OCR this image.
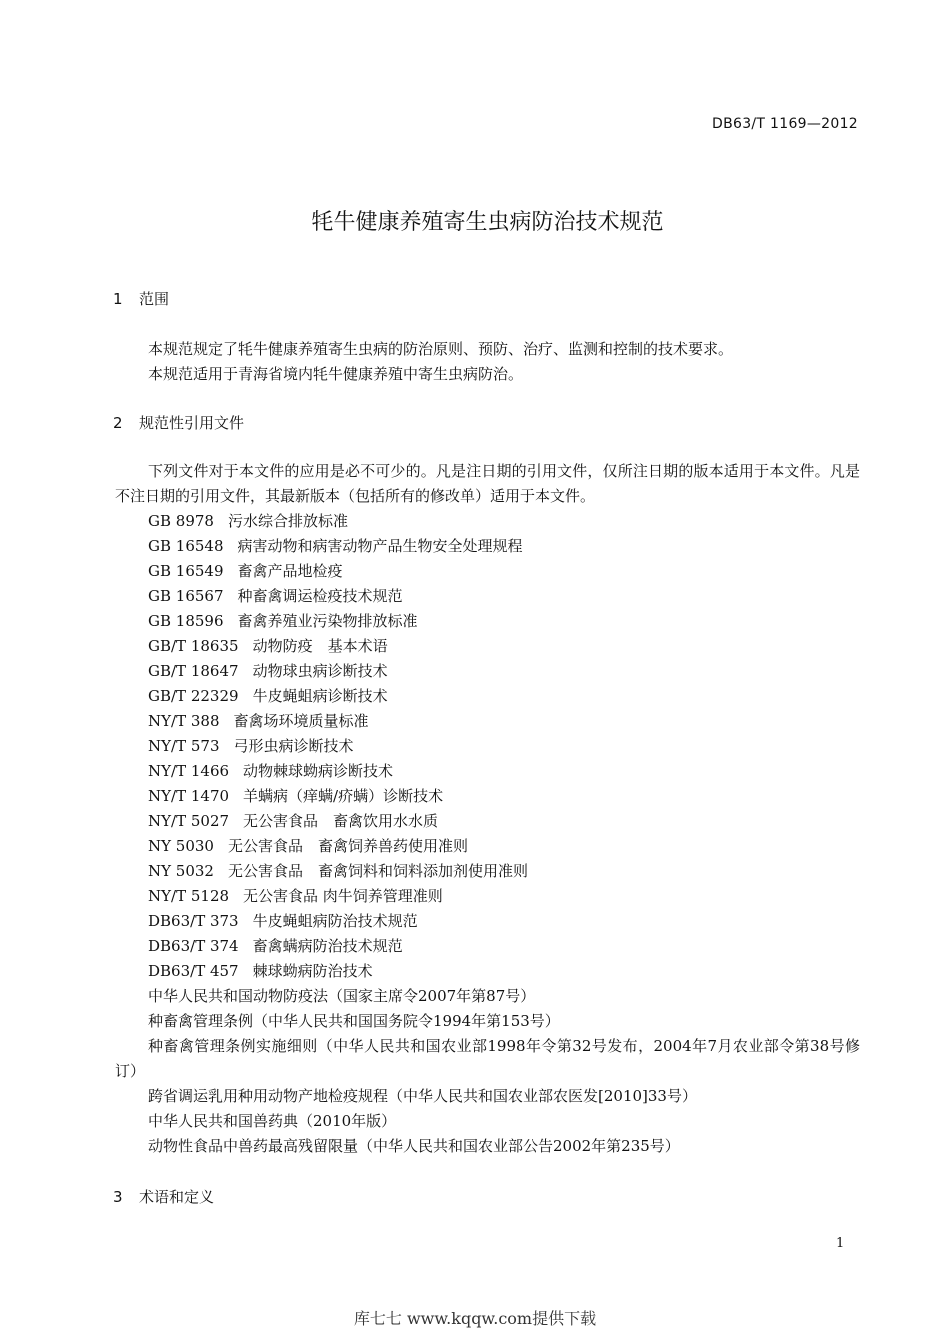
DB63/T 1169—2012
牦牛健康养殖寄生虫病防治技术规范
1 范围
本规范规定了牦牛健康养殖寄生虫病的防治原则、预防、治疗、监测和控制的技术要求。
本规范适用于青海省境内牦牛健康养殖中寄生虫病防治。
2 规范性引用文件
下列文件对于本文件的应用是必不可少的。凡是注日期的引用文件，仅所注日期的版本适用于本文件。凡是不注日期的引用文件，其最新版本（包括所有的修改单）适用于本文件。
GB 8978 污水综合排放标准
GB 16548 病害动物和病害动物产品生物安全处理规程
GB 16549 畜禽产品地检疫
GB 16567 种畜禽调运检疫技术规范
GB 18596 畜禽养殖业污染物排放标准
GB/T 18635 动物防疫　基本术语
GB/T 18647 动物球虫病诊断技术
GB/T 22329 牛皮蝇蛆病诊断技术
NY/T 388 畜禽场环境质量标准
NY/T 573 弓形虫病诊断技术
NY/T 1466 动物棘球蚴病诊断技术
NY/T 1470 羊螨病（痒螨/疥螨）诊断技术
NY/T 5027 无公害食品　畜禽饮用水水质
NY 5030 无公害食品　畜禽饲养兽药使用准则
NY 5032 无公害食品　畜禽饲料和饲料添加剂使用准则
NY/T 5128 无公害食品 肉牛饲养管理准则
DB63/T 373 牛皮蝇蛆病防治技术规范
DB63/T 374 畜禽螨病防治技术规范
DB63/T 457 棘球蚴病防治技术
中华人民共和国动物防疫法（国家主席令2007年第87号）
种畜禽管理条例（中华人民共和国国务院令1994年第153号）
种畜禽管理条例实施细则（中华人民共和国农业部1998年令第32号发布，2004年7月农业部令第38号修订）
跨省调运乳用种用动物产地检疫规程（中华人民共和国农业部农医发[2010]33号）
中华人民共和国兽药典（2010年版）
动物性食品中兽药最高残留限量（中华人民共和国农业部公告2002年第235号）
3 术语和定义
1
库七七 www.kqqw.com提供下载
